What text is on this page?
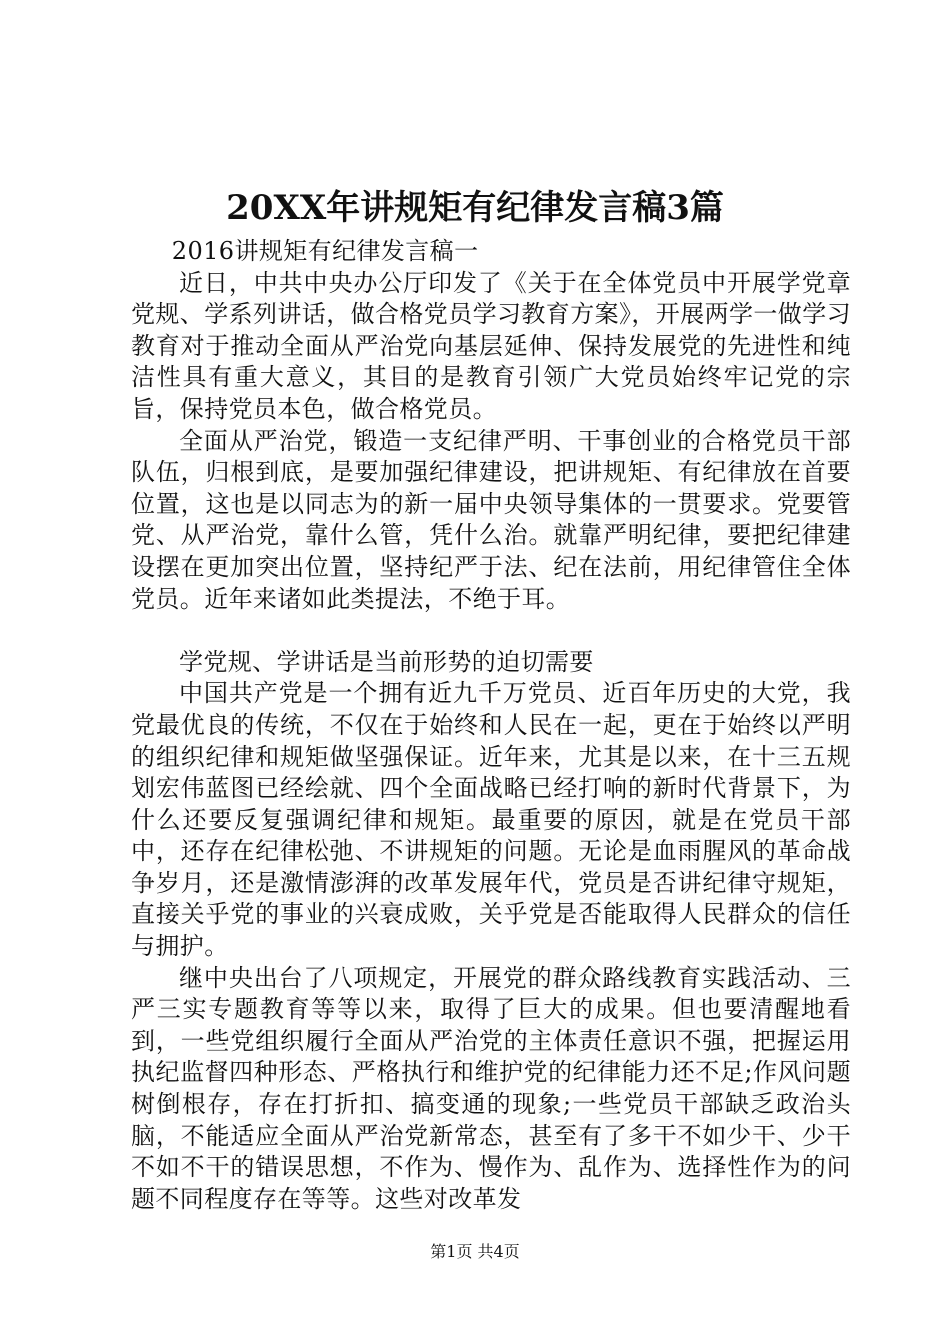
20XX年讲规矩有纪律发言稿3篇

2016讲规矩有纪律发言稿一

近日，中共中央办公厅印发了《关于在全体党员中开展学党章党规、学系列讲话，做合格党员学习教育方案》，开展两学一做学习教育对于推动全面从严治党向基层延伸、保持发展党的先进性和纯洁性具有重大意义，其目的是教育引领广大党员始终牢记党的宗旨，保持党员本色，做合格党员。

全面从严治党，锻造一支纪律严明、干事创业的合格党员干部队伍，归根到底，是要加强纪律建设，把讲规矩、有纪律放在首要位置，这也是以同志为的新一届中央领导集体的一贯要求。党要管党、从严治党，靠什么管，凭什么治。就靠严明纪律，要把纪律建设摆在更加突出位置，坚持纪严于法、纪在法前，用纪律管住全体党员。近年来诸如此类提法，不绝于耳。

学党规、学讲话是当前形势的迫切需要

中国共产党是一个拥有近九千万党员、近百年历史的大党，我党最优良的传统，不仅在于始终和人民在一起，更在于始终以严明的组织纪律和规矩做坚强保证。近年来，尤其是以来，在十三五规划宏伟蓝图已经绘就、四个全面战略已经打响的新时代背景下，为什么还要反复强调纪律和规矩。最重要的原因，就是在党员干部中，还存在纪律松弛、不讲规矩的问题。无论是血雨腥风的革命战争岁月，还是激情澎湃的改革发展年代，党员是否讲纪律守规矩，直接关乎党的事业的兴衰成败，关乎党是否能取得人民群众的信任与拥护。

继中央出台了八项规定，开展党的群众路线教育实践活动、三严三实专题教育等等以来，取得了巨大的成果。但也要清醒地看到，一些党组织履行全面从严治党的主体责任意识不强，把握运用执纪监督四种形态、严格执行和维护党的纪律能力还不足;作风问题树倒根存，存在打折扣、搞变通的现象;一些党员干部缺乏政治头脑，不能适应全面从严治党新常态，甚至有了多干不如少干、少干不如不干的错误思想，不作为、慢作为、乱作为、选择性作为的问题不同程度存在等等。这些对改革发

第1页 共4页
